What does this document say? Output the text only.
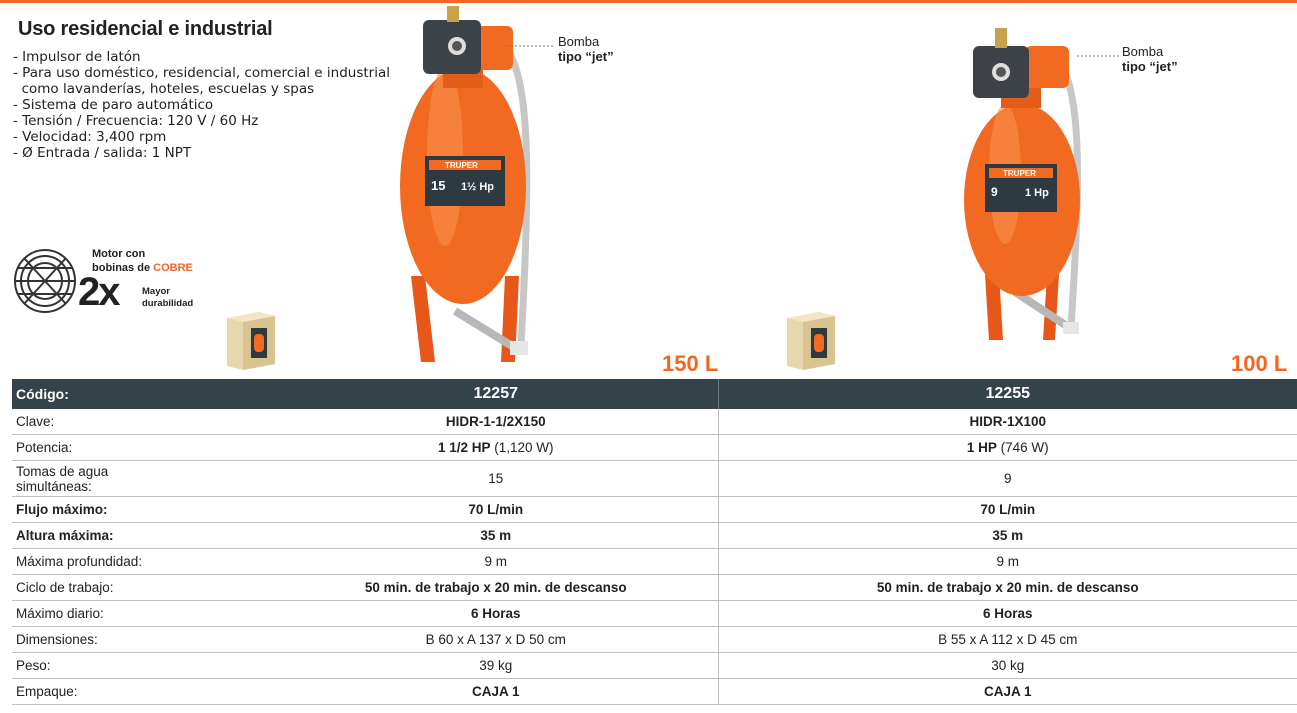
Uso residencial e industrial
- Impulsor de latón
- Para uso doméstico, residencial, comercial e industrial
como lavanderías, hoteles, escuelas y spas
- Sistema de paro automático
- Tensión / Frecuencia: 120 V / 60 Hz
- Velocidad: 3,400 rpm
- Ø Entrada / salida: 1 NPT
Motor con
bobinas de COBRE
2x Mayor
durabilidad
TRUPER
15 1½ Hp
Bomba
tipo “jet”
150 L
TRUPER
9 1 Hp
Bomba
tipo “jet”
100 L
Código:	12257	12255
Clave:	HIDR-1-1/2X150	HIDR-1X100
Potencia:	1 1/2 HP (1,120 W)	1 HP (746 W)

Tomas de agua simultáneas:	15	9
Flujo máximo:	70 L/min	70 L/min
Altura máxima:	35 m	35 m
Máxima profundidad:	9 m	9 m
Ciclo de trabajo:	50 min. de trabajo x 20 min. de descanso	50 min. de trabajo x 20 min. de descanso
Máximo diario:	6 Horas	6 Horas
Dimensiones:	B 60 x A 137 x D 50 cm	B 55 x A 112 x D 45 cm
Peso:	39 kg	30 kg
Empaque:	CAJA 1	CAJA 1
